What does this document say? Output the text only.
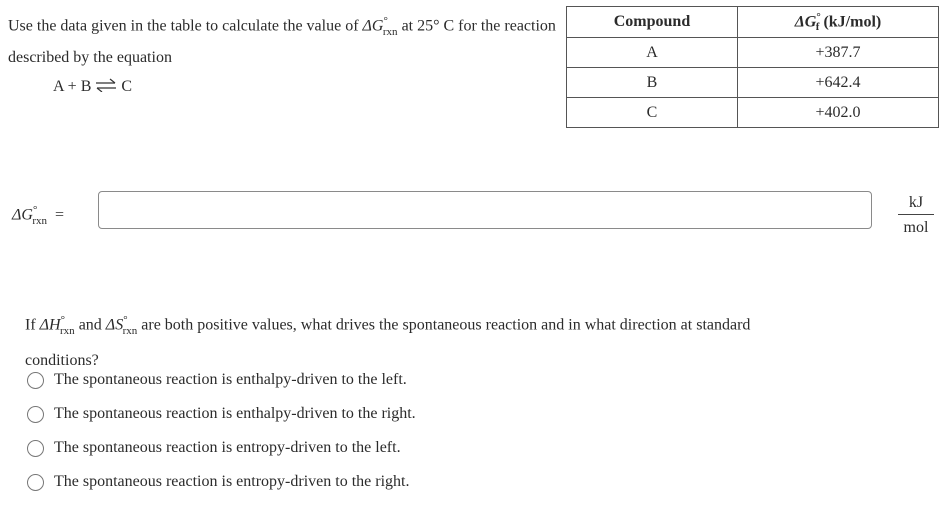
Use the data given in the table to calculate the value of $\Delta G^\circ_{rxn}$ at 25° C for the reaction described by the equation
A + B ⇌ C
Compound	$\Delta G^\circ_f$ (kJ/mol)
A	+387.7
B	+642.4
C	+402.0
$\Delta G^\circ_{rxn}$ =
kJ
mol
If $\Delta H^\circ_{rxn}$ and $\Delta S^\circ_{rxn}$ are both positive values, what drives the spontaneous reaction and in what direction at standard conditions?
The spontaneous reaction is enthalpy-driven to the left.
The spontaneous reaction is enthalpy-driven to the right.
The spontaneous reaction is entropy-driven to the left.
The spontaneous reaction is entropy-driven to the right.
